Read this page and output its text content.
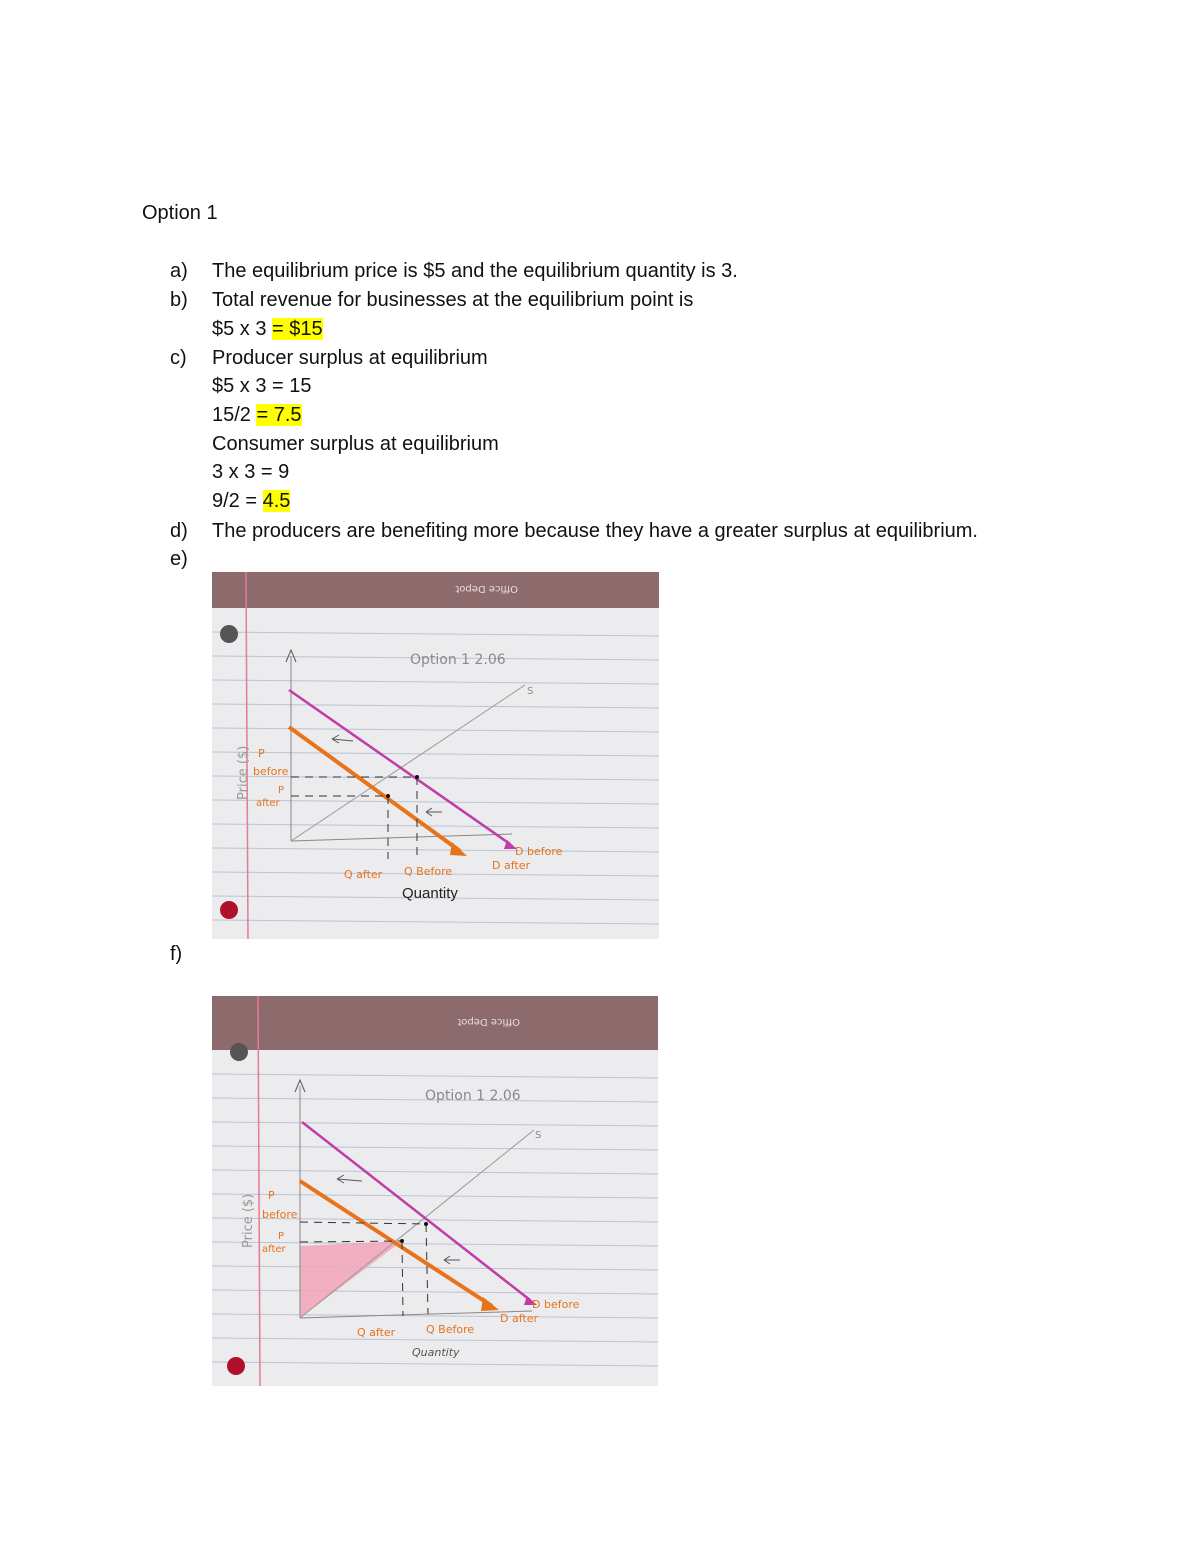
Option 1
a)	The equilibrium price is $5 and the equilibrium quantity is 3.
b)	Total revenue for businesses at the equilibrium point is
$5 x 3 = $15
c)	Producer surplus at equilibrium
$5 x 3 = 15
15/2 = 7.5
Consumer surplus at equilibrium
3 x 3 = 9
9/2 = 4.5
d)	The producers are benefiting more because they have a greater surplus at equilibrium.
e)
Office Depot
Option 1 2.06
S
Price ($) P
before
P
after
Q after Q Before
D before
D after
Quantity
f)
Office Depot
Option 1 2.06
S
Price ($) P
before
P
after
Q after	Q Before
D before
D after
Quantity
